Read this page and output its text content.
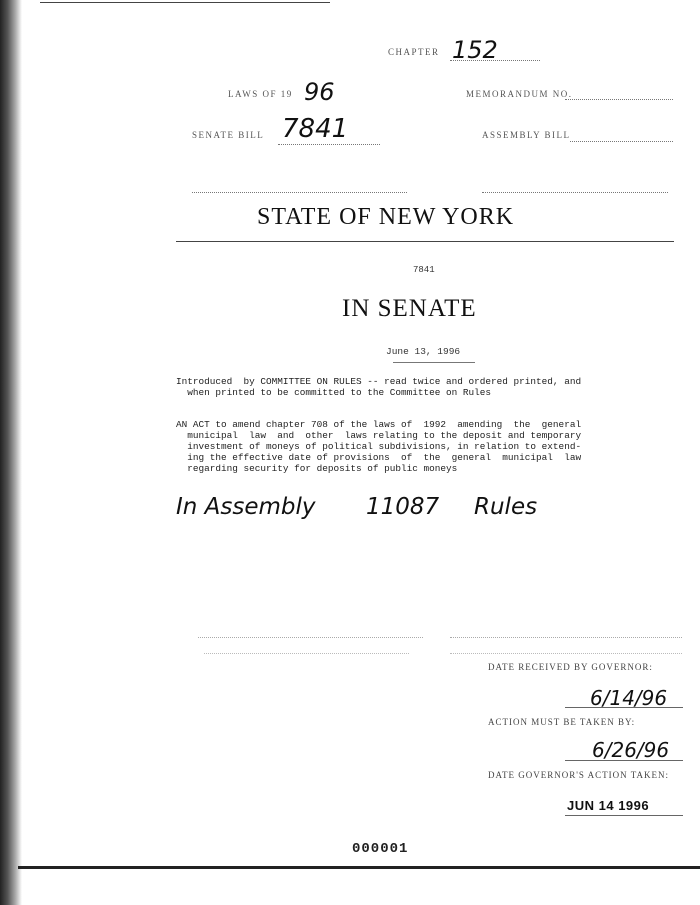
CHAPTER 152
LAWS OF 19 96	MEMORANDUM NO.
SENATE BILL 7841	ASSEMBLY BILL
STATE OF NEW YORK
7841
IN SENATE
June 13, 1996
Introduced  by COMMITTEE ON RULES -- read twice and ordered printed, and
when printed to be committed to the Committee on Rules
AN ACT to amend chapter 708 of the laws of  1992  amending  the  general
municipal  law  and  other  laws relating to the deposit and temporary
investment of moneys of political subdivisions, in relation to extend-
ing the effective date of provisions  of  the  general  municipal  law
regarding security for deposits of public moneys
In Assembly 11087 Rules
DATE RECEIVED BY GOVERNOR:
6/14/96
ACTION MUST BE TAKEN BY:
6/26/96
DATE GOVERNOR'S ACTION TAKEN:
JUN 14 1996
000001
